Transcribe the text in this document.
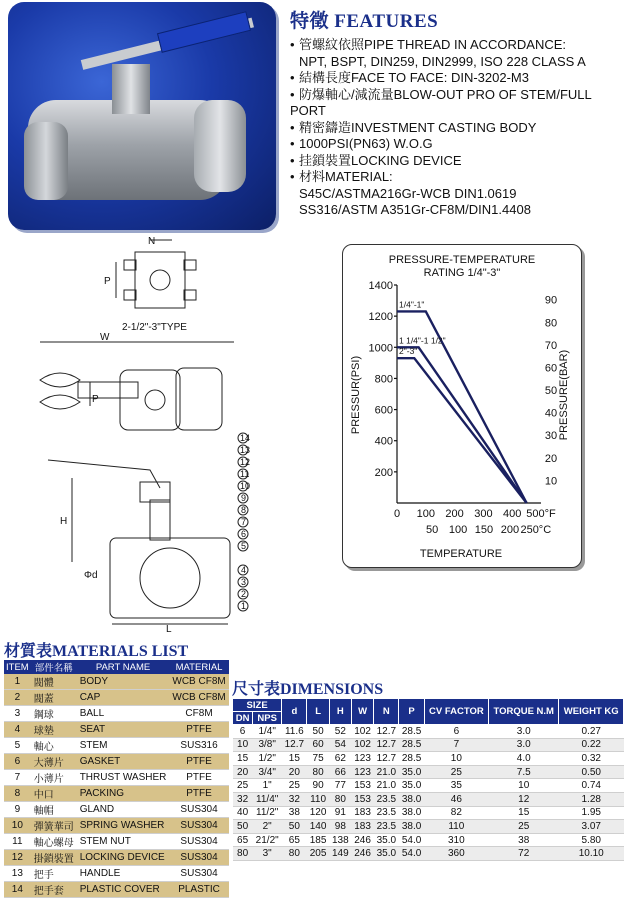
特徵 FEATURES
• 管螺紋依照PIPE THREAD IN ACCORDANCE:
NPT, BSPT, DIN259, DIN2999, ISO 228 CLASS A
• 結構長度FACE TO FACE: DIN-3202-M3
• 防爆軸心/減流量BLOW-OUT PRO OF STEM/FULL PORT
• 精密鑄造INVESTMENT CASTING BODY
• 1000PSI(PN63) W.O.G
• 挂鎖裝置LOCKING DEVICE
• 材料MATERIAL:
S45C/ASTMA216Gr-WCB DIN1.0619
SS316/ASTM A351Gr-CF8M/DIN1.4408
N
P
2-1/2"-3"TYPE
W
P
H
Φd
L
14
13
12
11
10
9
8
7
6
5
4
3
2
1
PRESSURE-TEMPERATURE
RATING 1/4"-3"
PRESSUR(PSI)	PRESSURE(BAR)
TEMPERATURE
1400
1200
1000
800
600
400
200
90
80
70
60
50
40
30
20
10
0 100 200 300 400 500°F
50 100 150 200 250°C
1/4"-1"
1 1/4"-1 1/2"
2"-3"
材質表MATERIALS LIST
ITEM	部件名稱	PART NAME	MATERIAL
1	閥體	BODY	WCB CF8M
2	閥蓋	CAP	WCB CF8M
3	鋼球	BALL	CF8M
4	球墊	SEAT	PTFE
5	軸心	STEM	SUS316
6	大薄片	GASKET	PTFE
7	小薄片	THRUST WASHER	PTFE
8	中口	PACKING	PTFE
9	軸帽	GLAND	SUS304
10	彈簧華司	SPRING WASHER	SUS304
11	軸心螺母	STEM NUT	SUS304
12	掛鎖裝置	LOCKING DEVICE	SUS304
13	把手	HANDLE	SUS304
14	把手套	PLASTIC COVER	PLASTIC
尺寸表DIMENSIONS
SIZE		d	L	H	W	N	P	CV FACTOR	TORQUE N.M	WEIGHT KG
DN	NPS									
6	1/4"	11.6	50	52	102	12.7	28.5	6	3.0	0.27
10	3/8"	12.7	60	54	102	12.7	28.5	7	3.0	0.22
15	1/2"	15	75	62	123	12.7	28.5	10	4.0	0.32
20	3/4"	20	80	66	123	21.0	35.0	25	7.5	0.50
25	1"	25	90	77	153	21.0	35.0	35	10	0.74
32	11/4"	32	110	80	153	23.5	38.0	46	12	1.28
40	11/2"	38	120	91	183	23.5	38.0	82	15	1.95
50	2"	50	140	98	183	23.5	38.0	110	25	3.07
65	21/2"	65	185	138	246	35.0	54.0	310	38	5.80
80	3"	80	205	149	246	35.0	54.0	360	72	10.10
